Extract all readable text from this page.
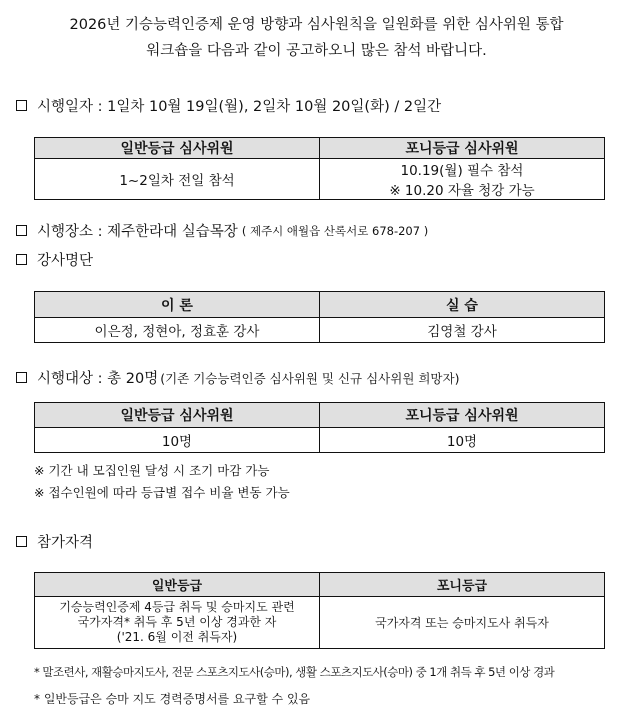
2026년 기승능력인증제 운영 방향과 심사원칙을 일원화를 위한 심사위원 통합
워크숍을 다음과 같이 공고하오니 많은 참석 바랍니다.
시행일자 : 1일차 10월 19일(월), 2일차 10월 20일(화) / 2일간
일반등급 심사위원	포니등급 심사위원
1~2일차 전일 참석	10.19(월) 필수 참석
※ 10.20 자율 청강 가능
시행장소 : 제주한라대 실습목장 ( 제주시 애월읍 산록서로 678-207 )
강사명단
이 론	실 습
이은정, 정현아, 정효훈 강사	김영철 강사
시행대상 : 총 20명 (기존 기승능력인증 심사위원 및 신규 심사위원 희망자)
일반등급 심사위원	포니등급 심사위원
10명	10명
※ 기간 내 모집인원 달성 시 조기 마감 가능
※ 접수인원에 따라 등급별 접수 비율 변동 가능
참가자격
일반등급	포니등급

기승능력인증제 4등급 취득 및 승마지도 관련
국가자격* 취득 후 5년 이상 경과한 자
('21. 6월 이전 취득자)	국가자격 또는 승마지도사 취득자
* 말조련사, 재활승마지도사, 전문 스포츠지도사(승마), 생활 스포츠지도사(승마) 중 1개 취득 후 5년 이상 경과
* 일반등급은 승마 지도 경력증명서를 요구할 수 있음
